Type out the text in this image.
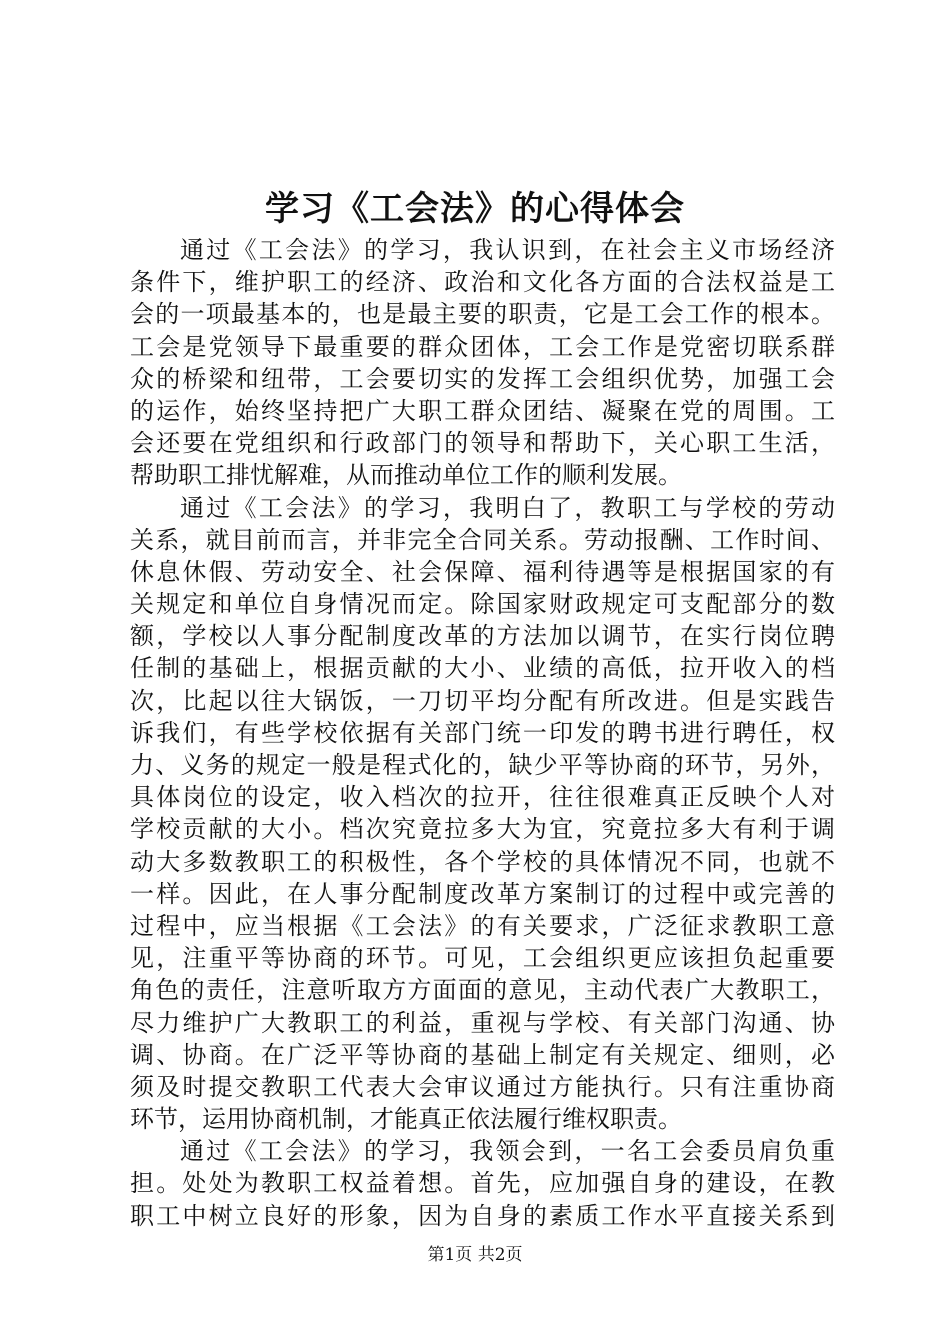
学习《工会法》的心得体会
通过《工会法》的学习，我认识到，在社会主义市场经济
条件下，维护职工的经济、政治和文化各方面的合法权益是工
会的一项最基本的，也是最主要的职责，它是工会工作的根本。
工会是党领导下最重要的群众团体，工会工作是党密切联系群
众的桥梁和纽带，工会要切实的发挥工会组织优势，加强工会
的运作，始终坚持把广大职工群众团结、凝聚在党的周围。工
会还要在党组织和行政部门的领导和帮助下，关心职工生活，
帮助职工排忧解难，从而推动单位工作的顺利发展。
通过《工会法》的学习，我明白了，教职工与学校的劳动
关系，就目前而言，并非完全合同关系。劳动报酬、工作时间、
休息休假、劳动安全、社会保障、福利待遇等是根据国家的有
关规定和单位自身情况而定。除国家财政规定可支配部分的数
额，学校以人事分配制度改革的方法加以调节，在实行岗位聘
任制的基础上，根据贡献的大小、业绩的高低，拉开收入的档
次，比起以往大锅饭，一刀切平均分配有所改进。但是实践告
诉我们，有些学校依据有关部门统一印发的聘书进行聘任，权
力、义务的规定一般是程式化的，缺少平等协商的环节，另外，
具体岗位的设定，收入档次的拉开，往往很难真正反映个人对
学校贡献的大小。档次究竟拉多大为宜，究竟拉多大有利于调
动大多数教职工的积极性，各个学校的具体情况不同，也就不
一样。因此，在人事分配制度改革方案制订的过程中或完善的
过程中，应当根据《工会法》的有关要求，广泛征求教职工意
见，注重平等协商的环节。可见，工会组织更应该担负起重要
角色的责任，注意听取方方面面的意见，主动代表广大教职工，
尽力维护广大教职工的利益，重视与学校、有关部门沟通、协
调、协商。在广泛平等协商的基础上制定有关规定、细则，必
须及时提交教职工代表大会审议通过方能执行。只有注重协商
环节，运用协商机制，才能真正依法履行维权职责。
通过《工会法》的学习，我领会到，一名工会委员肩负重
担。处处为教职工权益着想。首先，应加强自身的建设，在教
职工中树立良好的形象，因为自身的素质工作水平直接关系到
第1页 共2页
